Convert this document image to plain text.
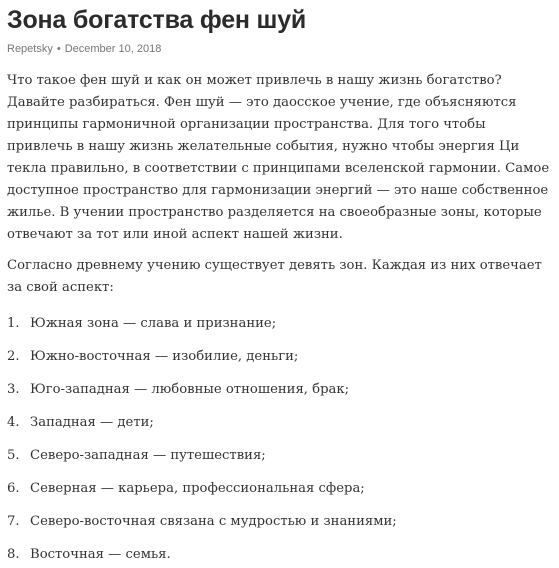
Зона богатства фен шуй
Repetsky • December 10, 2018

Что такое фен шуй и как он может привлечь в нашу жизнь богатство? Давайте разбираться. Фен шуй — это даосское учение, где объясняются принципы гармоничной организации пространства. Для того чтобы привлечь в нашу жизнь желательные события, нужно чтобы энергия Ци текла правильно, в соответствии с принципами вселенской гармонии. Самое доступное пространство для гармонизации энергий — это наше собственное жилье. В учении пространство разделяется на своеобразные зоны, которые отвечают за тот или иной аспект нашей жизни.

Согласно древнему учению существует девять зон. Каждая из них отвечает за свой аспект:

1. Южная зона — слава и признание;
2. Южно-восточная — изобилие, деньги;
3. Юго-западная — любовные отношения, брак;
4. Западная — дети;
5. Северо-западная — путешествия;
6. Северная — карьера, профессиональная сфера;
7. Северо-восточная связана с мудростью и знаниями;
8. Восточная — семья.
